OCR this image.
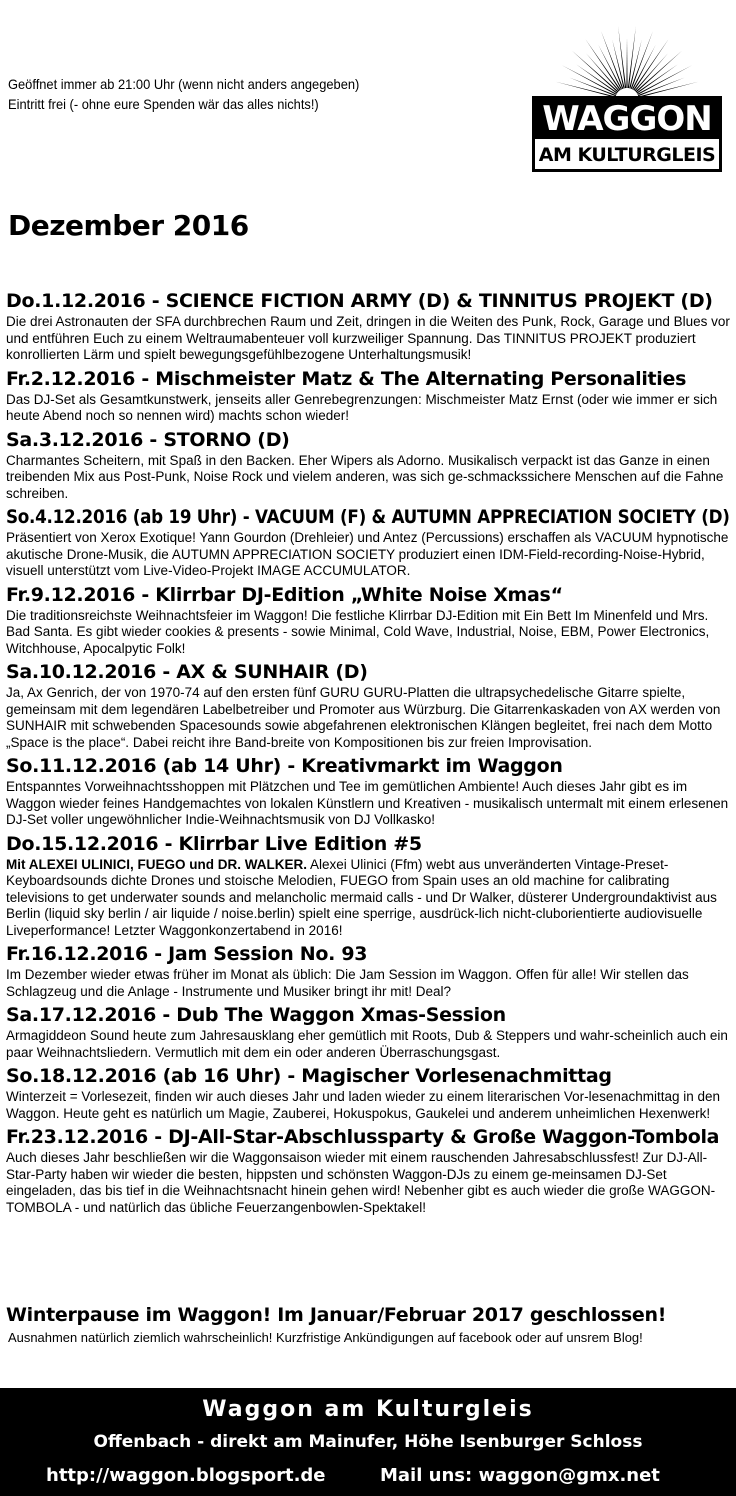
Geöffnet immer ab 21:00 Uhr (wenn nicht anders angegeben)
Eintritt frei (- ohne eure Spenden wär das alles nichts!)	WAGGON
AM KULTURGLEIS
Dezember 2016
Do.1.12.2016 - SCIENCE FICTION ARMY (D) & TINNITUS PROJEKT (D)
Die drei Astronauten der SFA durchbrechen Raum und Zeit, dringen in die Weiten des Punk, Rock, Garage und Blues vor und entführen Euch zu einem Weltraumabenteuer voll kurzweiliger Spannung. Das TINNITUS PROJEKT produziert konrollierten Lärm und spielt bewegungsgefühlbezogene Unterhaltungsmusik!
Fr.2.12.2016 - Mischmeister Matz & The Alternating Personalities
Das DJ-Set als Gesamtkunstwerk, jenseits aller Genrebegrenzungen: Mischmeister Matz Ernst (oder wie immer er sich heute Abend noch so nennen wird) machts schon wieder!
Sa.3.12.2016 - STORNO (D)
Charmantes Scheitern, mit Spaß in den Backen. Eher Wipers als Adorno. Musikalisch verpackt ist das Ganze in einen treibenden Mix aus Post-Punk, Noise Rock und vielem anderen, was sich ge-schmackssichere Menschen auf die Fahne schreiben.
So.4.12.2016 (ab 19 Uhr) - VACUUM (F) & AUTUMN APPRECIATION SOCIETY (D)
Präsentiert von Xerox Exotique! Yann Gourdon (Drehleier) und Antez (Percussions) erschaffen als VACUUM hypnotische akutische Drone-Musik, die AUTUMN APPRECIATION SOCIETY produziert einen IDM-Field-recording-Noise-Hybrid, visuell unterstützt vom Live-Video-Projekt IMAGE ACCUMULATOR.
Fr.9.12.2016 - Klirrbar DJ-Edition „White Noise Xmas“
Die traditionsreichste Weihnachtsfeier im Waggon! Die festliche Klirrbar DJ-Edition mit Ein Bett Im Minenfeld und Mrs. Bad Santa. Es gibt wieder cookies & presents - sowie Minimal, Cold Wave, Industrial, Noise, EBM, Power Electronics, Witchhouse, Apocalpytic Folk!
Sa.10.12.2016 - AX & SUNHAIR (D)
Ja, Ax Genrich, der von 1970-74 auf den ersten fünf GURU GURU-Platten die ultrapsychedelische Gitarre spielte, gemeinsam mit dem legendären Labelbetreiber und Promoter aus Würzburg. Die Gitarrenkaskaden von AX werden von SUNHAIR mit schwebenden Spacesounds sowie abgefahrenen elektronischen Klängen begleitet, frei nach dem Motto „Space is the place“. Dabei reicht ihre Band-breite von Kompositionen bis zur freien Improvisation.
So.11.12.2016 (ab 14 Uhr) - Kreativmarkt im Waggon
Entspanntes Vorweihnachtsshoppen mit Plätzchen und Tee im gemütlichen Ambiente! Auch dieses Jahr gibt es im Waggon wieder feines Handgemachtes von lokalen Künstlern und Kreativen - musikalisch untermalt mit einem erlesenen DJ-Set voller ungewöhnlicher Indie-Weihnachtsmusik von DJ Vollkasko!
Do.15.12.2016 - Klirrbar Live Edition #5
Mit ALEXEI ULINICI, FUEGO und DR. WALKER. Alexei Ulinici (Ffm) webt aus unveränderten Vintage-Preset-Keyboardsounds dichte Drones und stoische Melodien, FUEGO from Spain uses an old machine for calibrating televisions to get underwater sounds and melancholic mermaid calls - und Dr Walker, düsterer Undergroundaktivist aus Berlin (liquid sky berlin / air liquide / noise.berlin) spielt eine sperrige, ausdrück-lich nicht-cluborientierte audiovisuelle Liveperformance! Letzter Waggonkonzertabend in 2016!
Fr.16.12.2016 - Jam Session No. 93
Im Dezember wieder etwas früher im Monat als üblich: Die Jam Session im Waggon. Offen für alle! Wir stellen das Schlagzeug und die Anlage - Instrumente und Musiker bringt ihr mit! Deal?
Sa.17.12.2016 - Dub The Waggon Xmas-Session
Armagiddeon Sound heute zum Jahresausklang eher gemütlich mit Roots, Dub & Steppers und wahr-scheinlich auch ein paar Weihnachtsliedern. Vermutlich mit dem ein oder anderen Überraschungsgast.
So.18.12.2016 (ab 16 Uhr) - Magischer Vorlesenachmittag
Winterzeit = Vorlesezeit, finden wir auch dieses Jahr und laden wieder zu einem literarischen Vor-lesenachmittag in den Waggon. Heute geht es natürlich um Magie, Zauberei, Hokuspokus, Gaukelei und anderem unheimlichen Hexenwerk!
Fr.23.12.2016 - DJ-All-Star-Abschlussparty & Große Waggon-Tombola
Auch dieses Jahr beschließen wir die Waggonsaison wieder mit einem rauschenden Jahresabschlussfest! Zur DJ-All-Star-Party haben wir wieder die besten, hippsten und schönsten Waggon-DJs zu einem ge-meinsamen DJ-Set eingeladen, das bis tief in die Weihnachtsnacht hinein gehen wird! Nebenher gibt es auch wieder die große WAGGON-TOMBOLA - und natürlich das übliche Feuerzangenbowlen-Spektakel!
Winterpause im Waggon! Im Januar/Februar 2017 geschlossen!
Ausnahmen natürlich ziemlich wahrscheinlich! Kurzfristige Ankündigungen auf facebook oder auf unsrem Blog!
Waggon am Kulturgleis
Offenbach - direkt am Mainufer, Höhe Isenburger Schloss
http://waggon.blogsport.de	Mail uns: waggon@gmx.net
